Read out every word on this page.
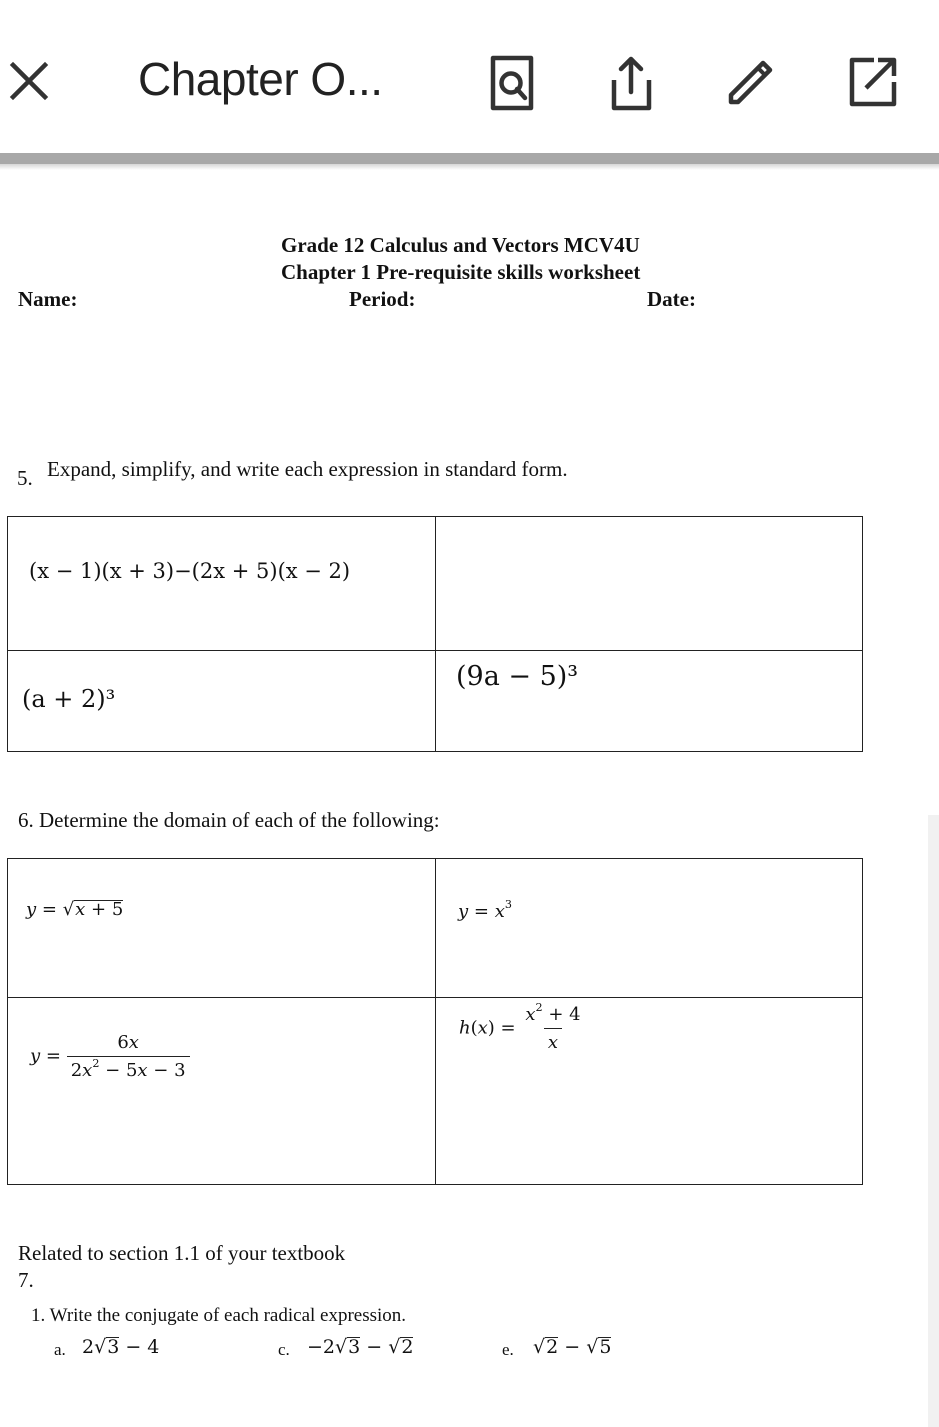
Chapter O...
Grade 12 Calculus and Vectors MCV4U
Chapter 1 Pre-requisite skills worksheet
Name:	Period:	Date:
5. Expand, simplify, and write each expression in standard form.
(x − 1)(x + 3)−(2x + 5)(x − 2)	

(a + 2)³	(9a − 5)³
6. Determine the domain of each of the following:
y = √x + 5	$y = x^3$

$y = \frac{6x}{2x^2 - 5x - 3}$	$h(x) = \frac{x^2 + 4}{x}$
Related to section 1.1 of your textbook
7.
1. Write the conjugate of each radical expression.
a. 2√3 − 4	c. −2√3 − √2	e. √2 − √5
